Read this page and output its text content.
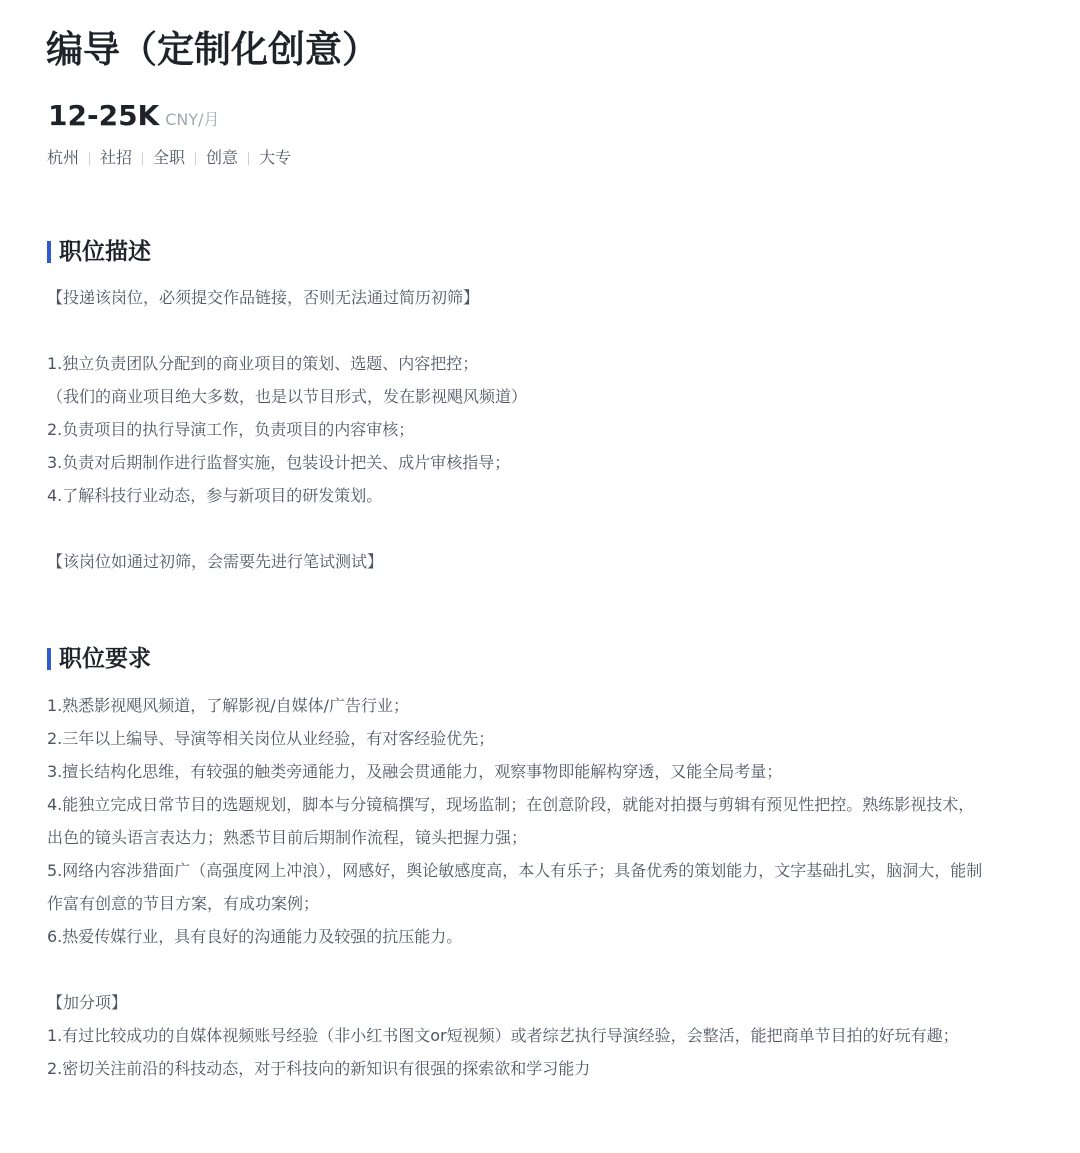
编导（定制化创意）
12-25K CNY/月
杭州 社招 全职 创意 大专
职位描述
【投递该岗位，必须提交作品链接，否则无法通过简历初筛】
1.独立负责团队分配到的商业项目的策划、选题、内容把控；
（我们的商业项目绝大多数，也是以节目形式，发在影视飓风频道）
2.负责项目的执行导演工作，负责项目的内容审核；
3.负责对后期制作进行监督实施，包装设计把关、成片审核指导；
4.了解科技行业动态，参与新项目的研发策划。
【该岗位如通过初筛，会需要先进行笔试测试】
职位要求
1.熟悉影视飓风频道，了解影视/自媒体/广告行业；
2.三年以上编导、导演等相关岗位从业经验，有对客经验优先；
3.擅长结构化思维，有较强的触类旁通能力，及融会贯通能力，观察事物即能解构穿透，又能全局考量；
4.能独立完成日常节目的选题规划，脚本与分镜稿撰写，现场监制；在创意阶段，就能对拍摄与剪辑有预见性把控。熟练影视技术，出色的镜头语言表达力；熟悉节目前后期制作流程，镜头把握力强；
5.网络内容涉猎面广（高强度网上冲浪），网感好，舆论敏感度高，本人有乐子；具备优秀的策划能力，文字基础扎实，脑洞大，能制作富有创意的节目方案，有成功案例；
6.热爱传媒行业，具有良好的沟通能力及较强的抗压能力。
【加分项】
1.有过比较成功的自媒体视频账号经验（非小红书图文or短视频）或者综艺执行导演经验，会整活，能把商单节目拍的好玩有趣；
2.密切关注前沿的科技动态，对于科技向的新知识有很强的探索欲和学习能力
